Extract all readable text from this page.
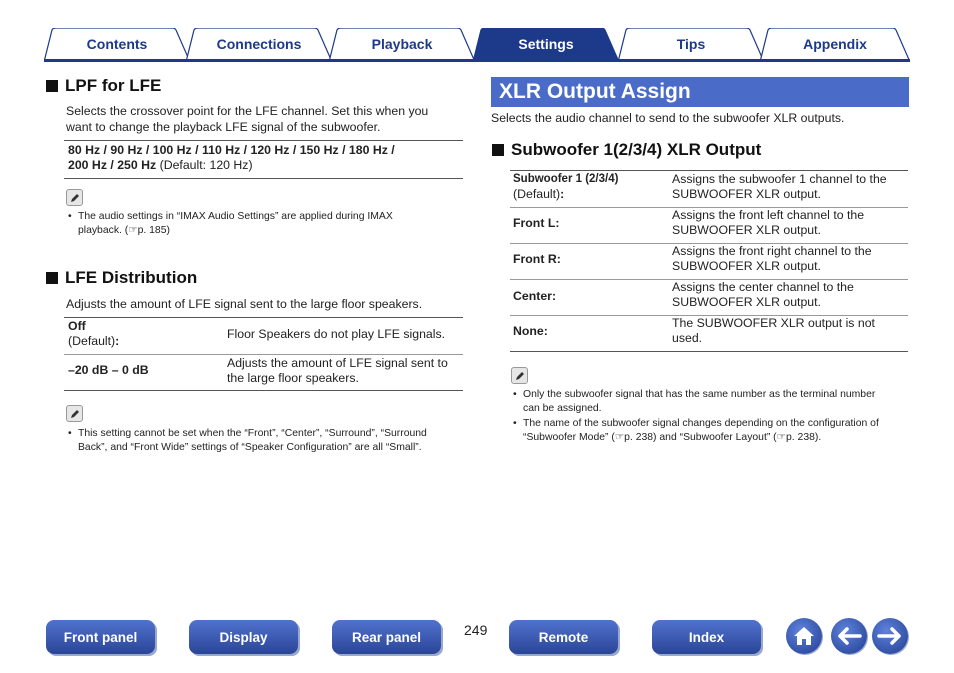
Contents	Connections	Playback	Tips	Appendix
Settings
LPF for LFE
Selects the crossover point for the LFE channel. Set this when you
want to change the playback LFE signal of the subwoofer.
80 Hz / 90 Hz / 100 Hz / 110 Hz / 120 Hz / 150 Hz / 180 Hz /
200 Hz / 250 Hz (Default: 120 Hz)
• The audio settings in “IMAX Audio Settings” are applied during IMAX
playback. (☞p. 185)
LFE Distribution
Adjusts the amount of LFE signal sent to the large floor speakers.
Off
(Default):	Floor Speakers do not play LFE signals.
–20 dB – 0 dB	Adjusts the amount of LFE signal sent to
the large floor speakers.
• This setting cannot be set when the “Front”, “Center”, “Surround”, “Surround
Back”, and “Front Wide” settings of “Speaker Configuration” are all “Small”.
XLR Output Assign
Selects the audio channel to send to the subwoofer XLR outputs.
Subwoofer 1(2/3/4) XLR Output
Subwoofer 1 (2/3/4)
(Default):
Assigns the subwoofer 1 channel to the
SUBWOOFER XLR output.
Front L:
Assigns the front left channel to the
SUBWOOFER XLR output.
Front R:
Assigns the front right channel to the
SUBWOOFER XLR output.
Center:
Assigns the center channel to the
SUBWOOFER XLR output.
None:
The SUBWOOFER XLR output is not
used.
• Only the subwoofer signal that has the same number as the terminal number
can be assigned.
• The name of the subwoofer signal changes depending on the configuration of
“Subwoofer Mode” (☞p. 238) and “Subwoofer Layout” (☞p. 238).
Front panel	Display	Rear panel	249	Remote	Index
